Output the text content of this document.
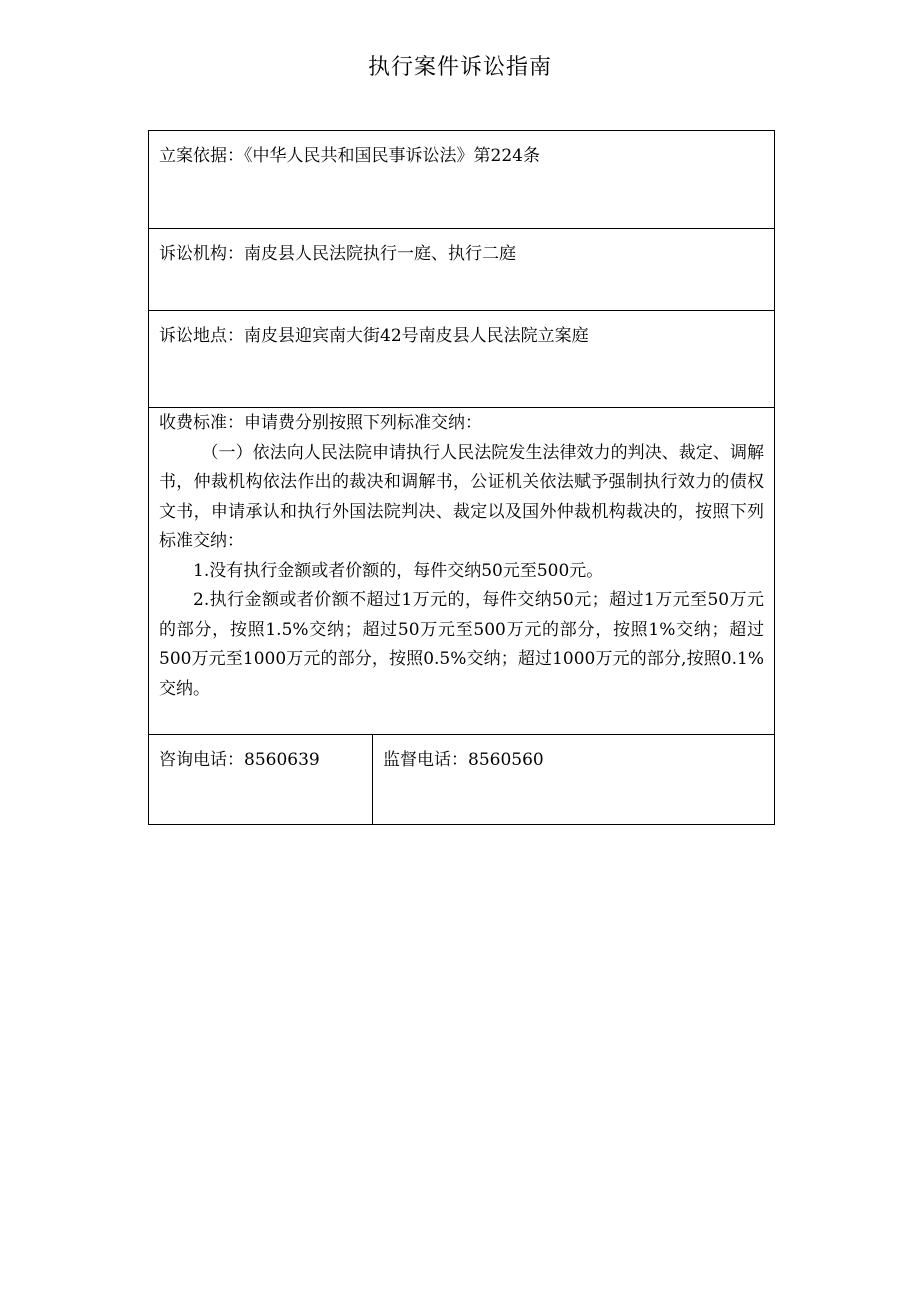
执行案件诉讼指南
立案依据：《中华人民共和国民事诉讼法》第224条
诉讼机构：南皮县人民法院执行一庭、执行二庭
诉讼地点：南皮县迎宾南大街42号南皮县人民法院立案庭
收费标准：申请费分别按照下列标准交纳：

（一）依法向人民法院申请执行人民法院发生法律效力的判决、裁定、调解书，仲裁机构依法作出的裁决和调解书，公证机关依法赋予强制执行效力的债权文书，申请承认和执行外国法院判决、裁定以及国外仲裁机构裁决的，按照下列标准交纳：

1.没有执行金额或者价额的，每件交纳50元至500元。

2.执行金额或者价额不超过1万元的，每件交纳50元；超过1万元至50万元的部分，按照1.5%交纳；超过50万元至500万元的部分，按照1%交纳；超过500万元至1000万元的部分，按照0.5%交纳；超过1000万元的部分,按照0.1%交纳。

咨询电话：8560639	监督电话：8560560
